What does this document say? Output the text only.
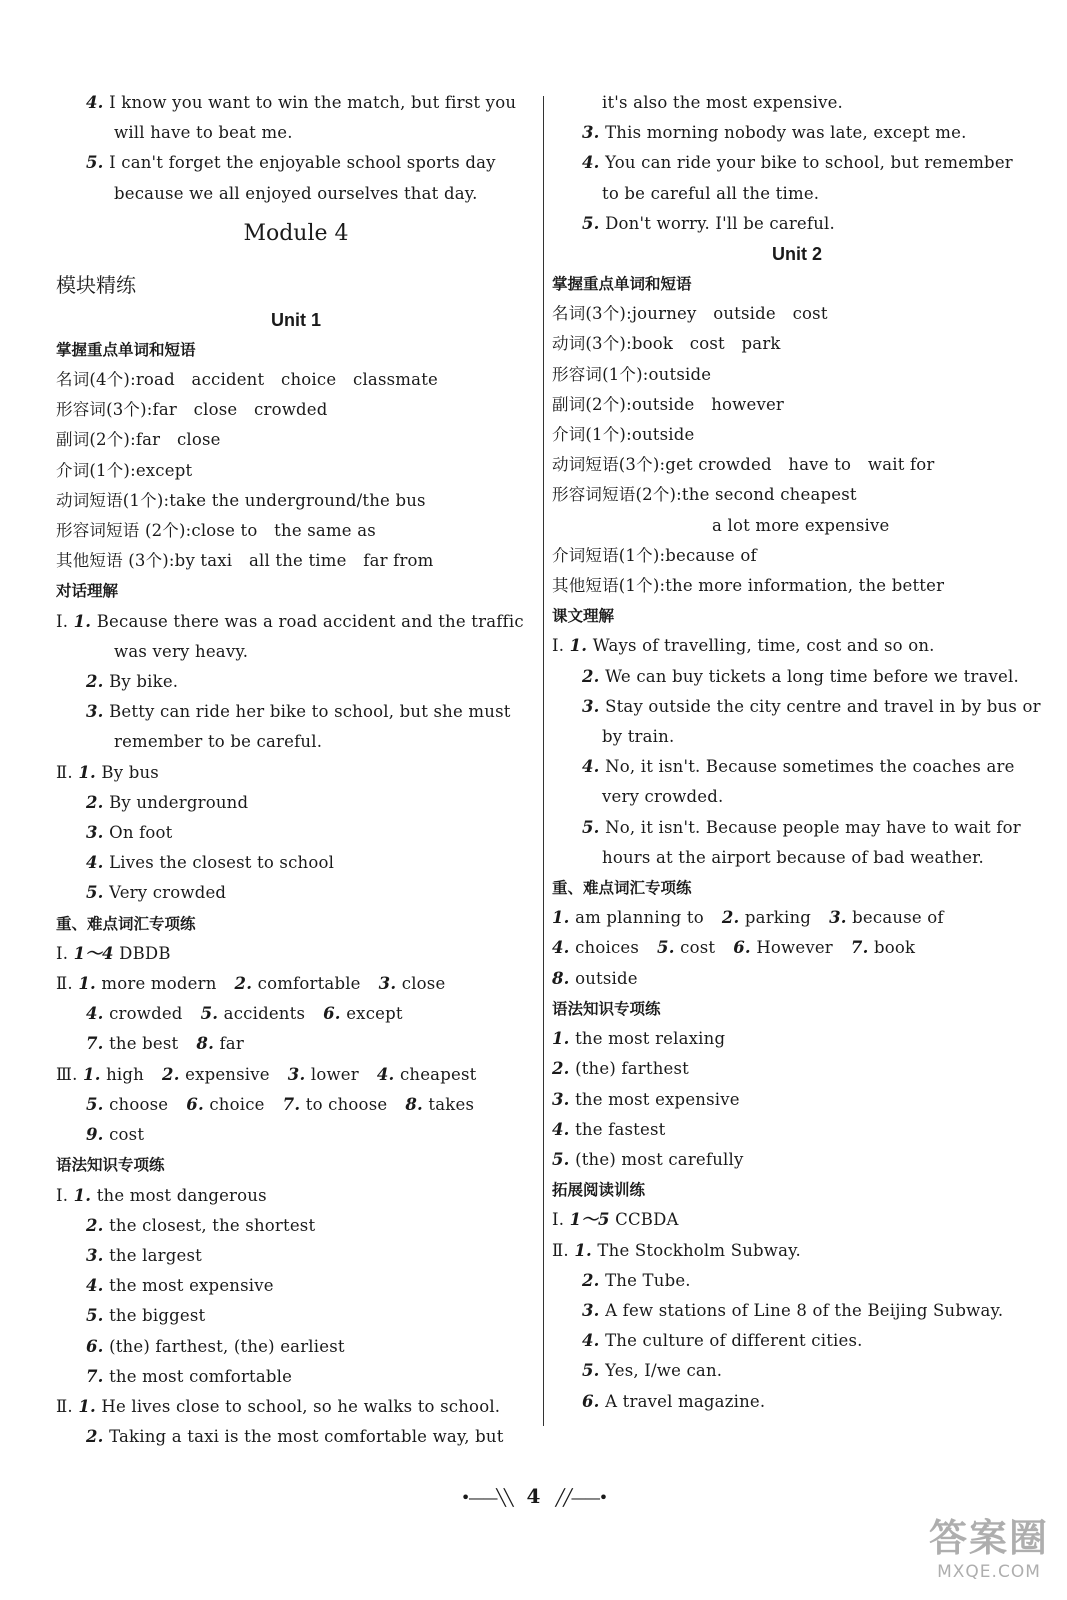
4. I know you want to win the match, but first you
will have to beat me.
5. I can't forget the enjoyable school sports day
because we all enjoyed ourselves that day.
Module 4
模块精练
Unit 1
掌握重点单词和短语
名词(4个):road　accident　choice　classmate
形容词(3个):far　close　crowded
副词(2个):far　close
介词(1个):except
动词短语(1个):take the underground/the bus
形容词短语 (2个):close to　the same as
其他短语 (3个):by taxi　all the time　far from
对话理解
Ⅰ. 1. Because there was a road accident and the traffic
was very heavy.
2. By bike.
3. Betty can ride her bike to school, but she must
remember to be careful.
Ⅱ. 1. By bus
2. By underground
3. On foot
4. Lives the closest to school
5. Very crowded
重、难点词汇专项练
Ⅰ. 1～4 DBDB
Ⅱ. 1. more modern 2. comfortable 3. close
4. crowded 5. accidents 6. except
7. the best 8. far
Ⅲ. 1. high 2. expensive 3. lower 4. cheapest
5. choose 6. choice 7. to choose 8. takes
9. cost
语法知识专项练
Ⅰ. 1. the most dangerous
2. the closest, the shortest
3. the largest
4. the most expensive
5. the biggest
6. (the) farthest, (the) earliest
7. the most comfortable
Ⅱ. 1. He lives close to school, so he walks to school.
2. Taking a taxi is the most comfortable way, but
it's also the most expensive.
3. This morning nobody was late, except me.
4. You can ride your bike to school, but remember
to be careful all the time.
5. Don't worry. I'll be careful.
Unit 2
掌握重点单词和短语
名词(3个):journey　outside　cost
动词(3个):book　cost　park
形容词(1个):outside
副词(2个):outside　however
介词(1个):outside
动词短语(3个):get crowded　have to　wait for
形容词短语(2个):the second cheapest
a lot more expensive
介词短语(1个):because of
其他短语(1个):the more information, the better
课文理解
Ⅰ. 1. Ways of travelling, time, cost and so on.
2. We can buy tickets a long time before we travel.
3. Stay outside the city centre and travel in by bus or
by train.
4. No, it isn't. Because sometimes the coaches are
very crowded.
5. No, it isn't. Because people may have to wait for
hours at the airport because of bad weather.
重、难点词汇专项练
1. am planning to 2. parking 3. because of
4. choices 5. cost 6. However 7. book
8. outside
语法知识专项练
1. the most relaxing
2. (the) farthest
3. the most expensive
4. the fastest
5. (the) most carefully
拓展阅读训练
Ⅰ. 1～5 CCBDA
Ⅱ. 1. The Stockholm Subway.
2. The Tube.
3. A few stations of Line 8 of the Beijing Subway.
4. The culture of different cities.
5. Yes, I/we can.
6. A travel magazine.
•——╲╲ 4 ╱╱——•
答案圈
MXQE.COM
